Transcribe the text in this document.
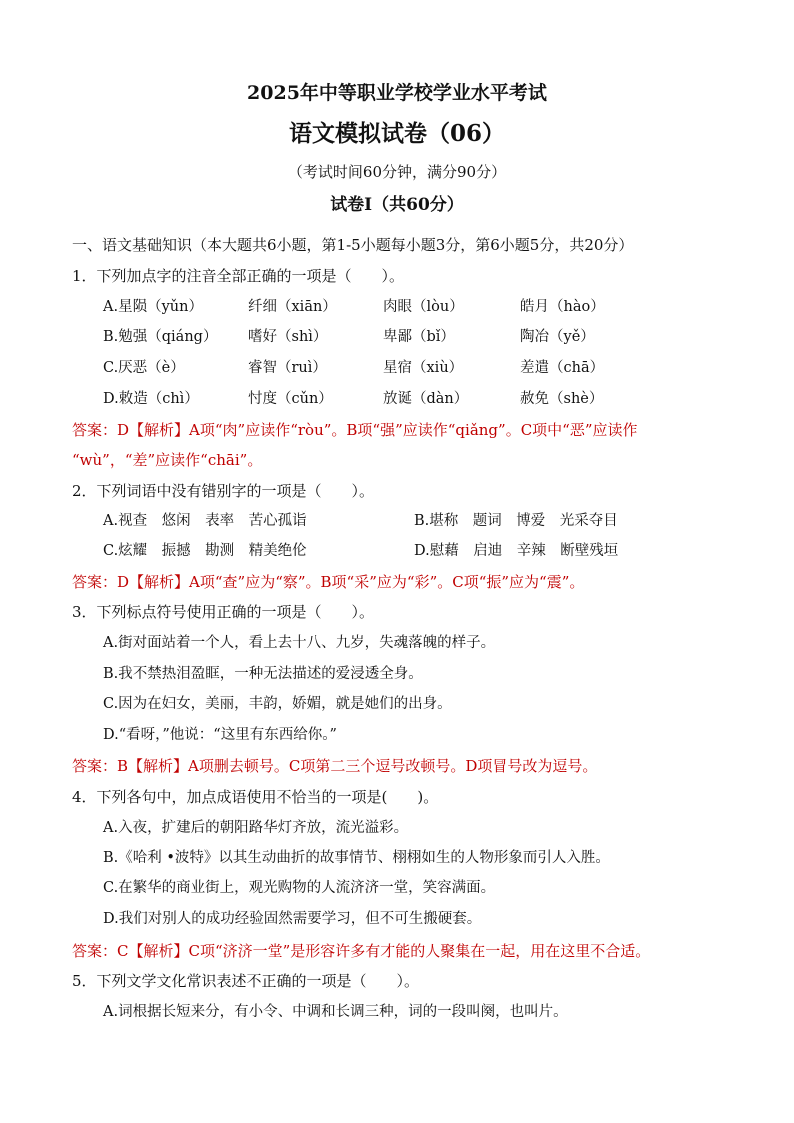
2025年中等职业学校学业水平考试
语文模拟试卷（06）
（考试时间60分钟，满分90分）
试卷Ⅰ（共60分）
一、语文基础知识（本大题共6小题，第1-5小题每小题3分，第6小题5分，共20分）
1．下列加点字的注音全部正确的一项是（　　）。
A.星陨（yǔn）	纤细（xiān）	肉眼（lòu）	皓月（hào）
B.勉强（qiáng） 嗜好（shì）	卑鄙（bǐ）	陶冶（yě）
C.厌恶（è）	睿智（ruì）	星宿（xiù）	差遣（chā）
D.敕造（chì）	忖度（cǔn）	放诞（dàn）	赦免（shè）
答案：D【解析】A项“肉”应读作“ròu”。B项“强”应读作“qiǎng”。C项中“恶”应读作
“wù”，“差”应读作“chāi”。
2．下列词语中没有错别字的一项是（　　）。
A.视查　悠闲　表率　苦心孤诣	B.堪称　题词　博爱　光采夺目
C.炫耀　振撼　勘测　精美绝伦	D.慰藉　启迪　辛辣　断壁残垣
答案：D【解析】A项“查”应为“察”。B项“采”应为“彩”。C项“振”应为“震”。
3．下列标点符号使用正确的一项是（　　）。
A.街对面站着一个人，看上去十八、九岁，失魂落魄的样子。
B.我不禁热泪盈眶，一种无法描述的爱浸透全身。
C.因为在妇女，美丽，丰韵，娇媚，就是她们的出身。
D.“看呀，”他说：“这里有东西给你。”
答案：B【解析】A项删去顿号。C项第二三个逗号改顿号。D项冒号改为逗号。
4．下列各句中，加点成语使用不恰当的一项是(　　)。
A.入夜，扩建后的朝阳路华灯齐放，流光溢彩。
B.《哈利 •波特》以其生动曲折的故事情节、栩栩如生的人物形象而引人入胜。
C.在繁华的商业街上，观光购物的人流济济一堂，笑容满面。
D.我们对别人的成功经验固然需要学习，但不可生搬硬套。
答案：C【解析】C项“济济一堂”是形容许多有才能的人聚集在一起，用在这里不合适。
5．下列文学文化常识表述不正确的一项是（　　）。
A.词根据长短来分，有小令、中调和长调三种，词的一段叫阕，也叫片。
